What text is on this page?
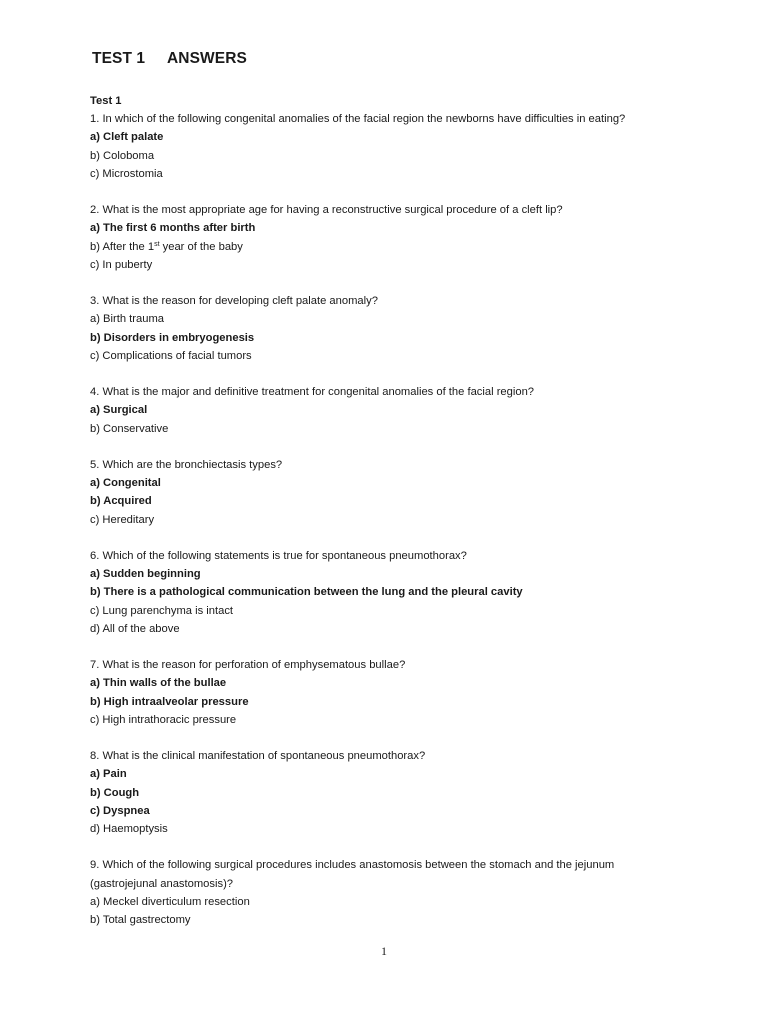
TEST 1 ANSWERS
Test 1
1. In which of the following congenital anomalies of the facial region the newborns have difficulties in eating?
a) Cleft palate
b) Coloboma
c) Microstomia
2. What is the most appropriate age for having a reconstructive surgical procedure of a cleft lip?
a) The first 6 months after birth
b) After the 1st year of the baby
c) In puberty
3. What is the reason for developing cleft palate anomaly?
a) Birth trauma
b) Disorders in embryogenesis
c) Complications of facial tumors
4. What is the major and definitive treatment for congenital anomalies of the facial region?
a) Surgical
b) Conservative
5. Which are the bronchiectasis types?
a) Congenital
b) Acquired
c) Hereditary
6. Which of the following statements is true for spontaneous pneumothorax?
a) Sudden beginning
b) There is a pathological communication between the lung and the pleural cavity
c) Lung parenchyma is intact
d) All of the above
7. What is the reason for perforation of emphysematous bullae?
a) Thin walls of the bullae
b) High intraalveolar pressure
c) High intrathoracic pressure
8. What is the clinical manifestation of spontaneous pneumothorax?
a) Pain
b) Cough
c) Dyspnea
d) Haemoptysis
9. Which of the following surgical procedures includes anastomosis between the stomach and the jejunum
(gastrojejunal anastomosis)?
a) Meckel diverticulum resection
b) Total gastrectomy
1
